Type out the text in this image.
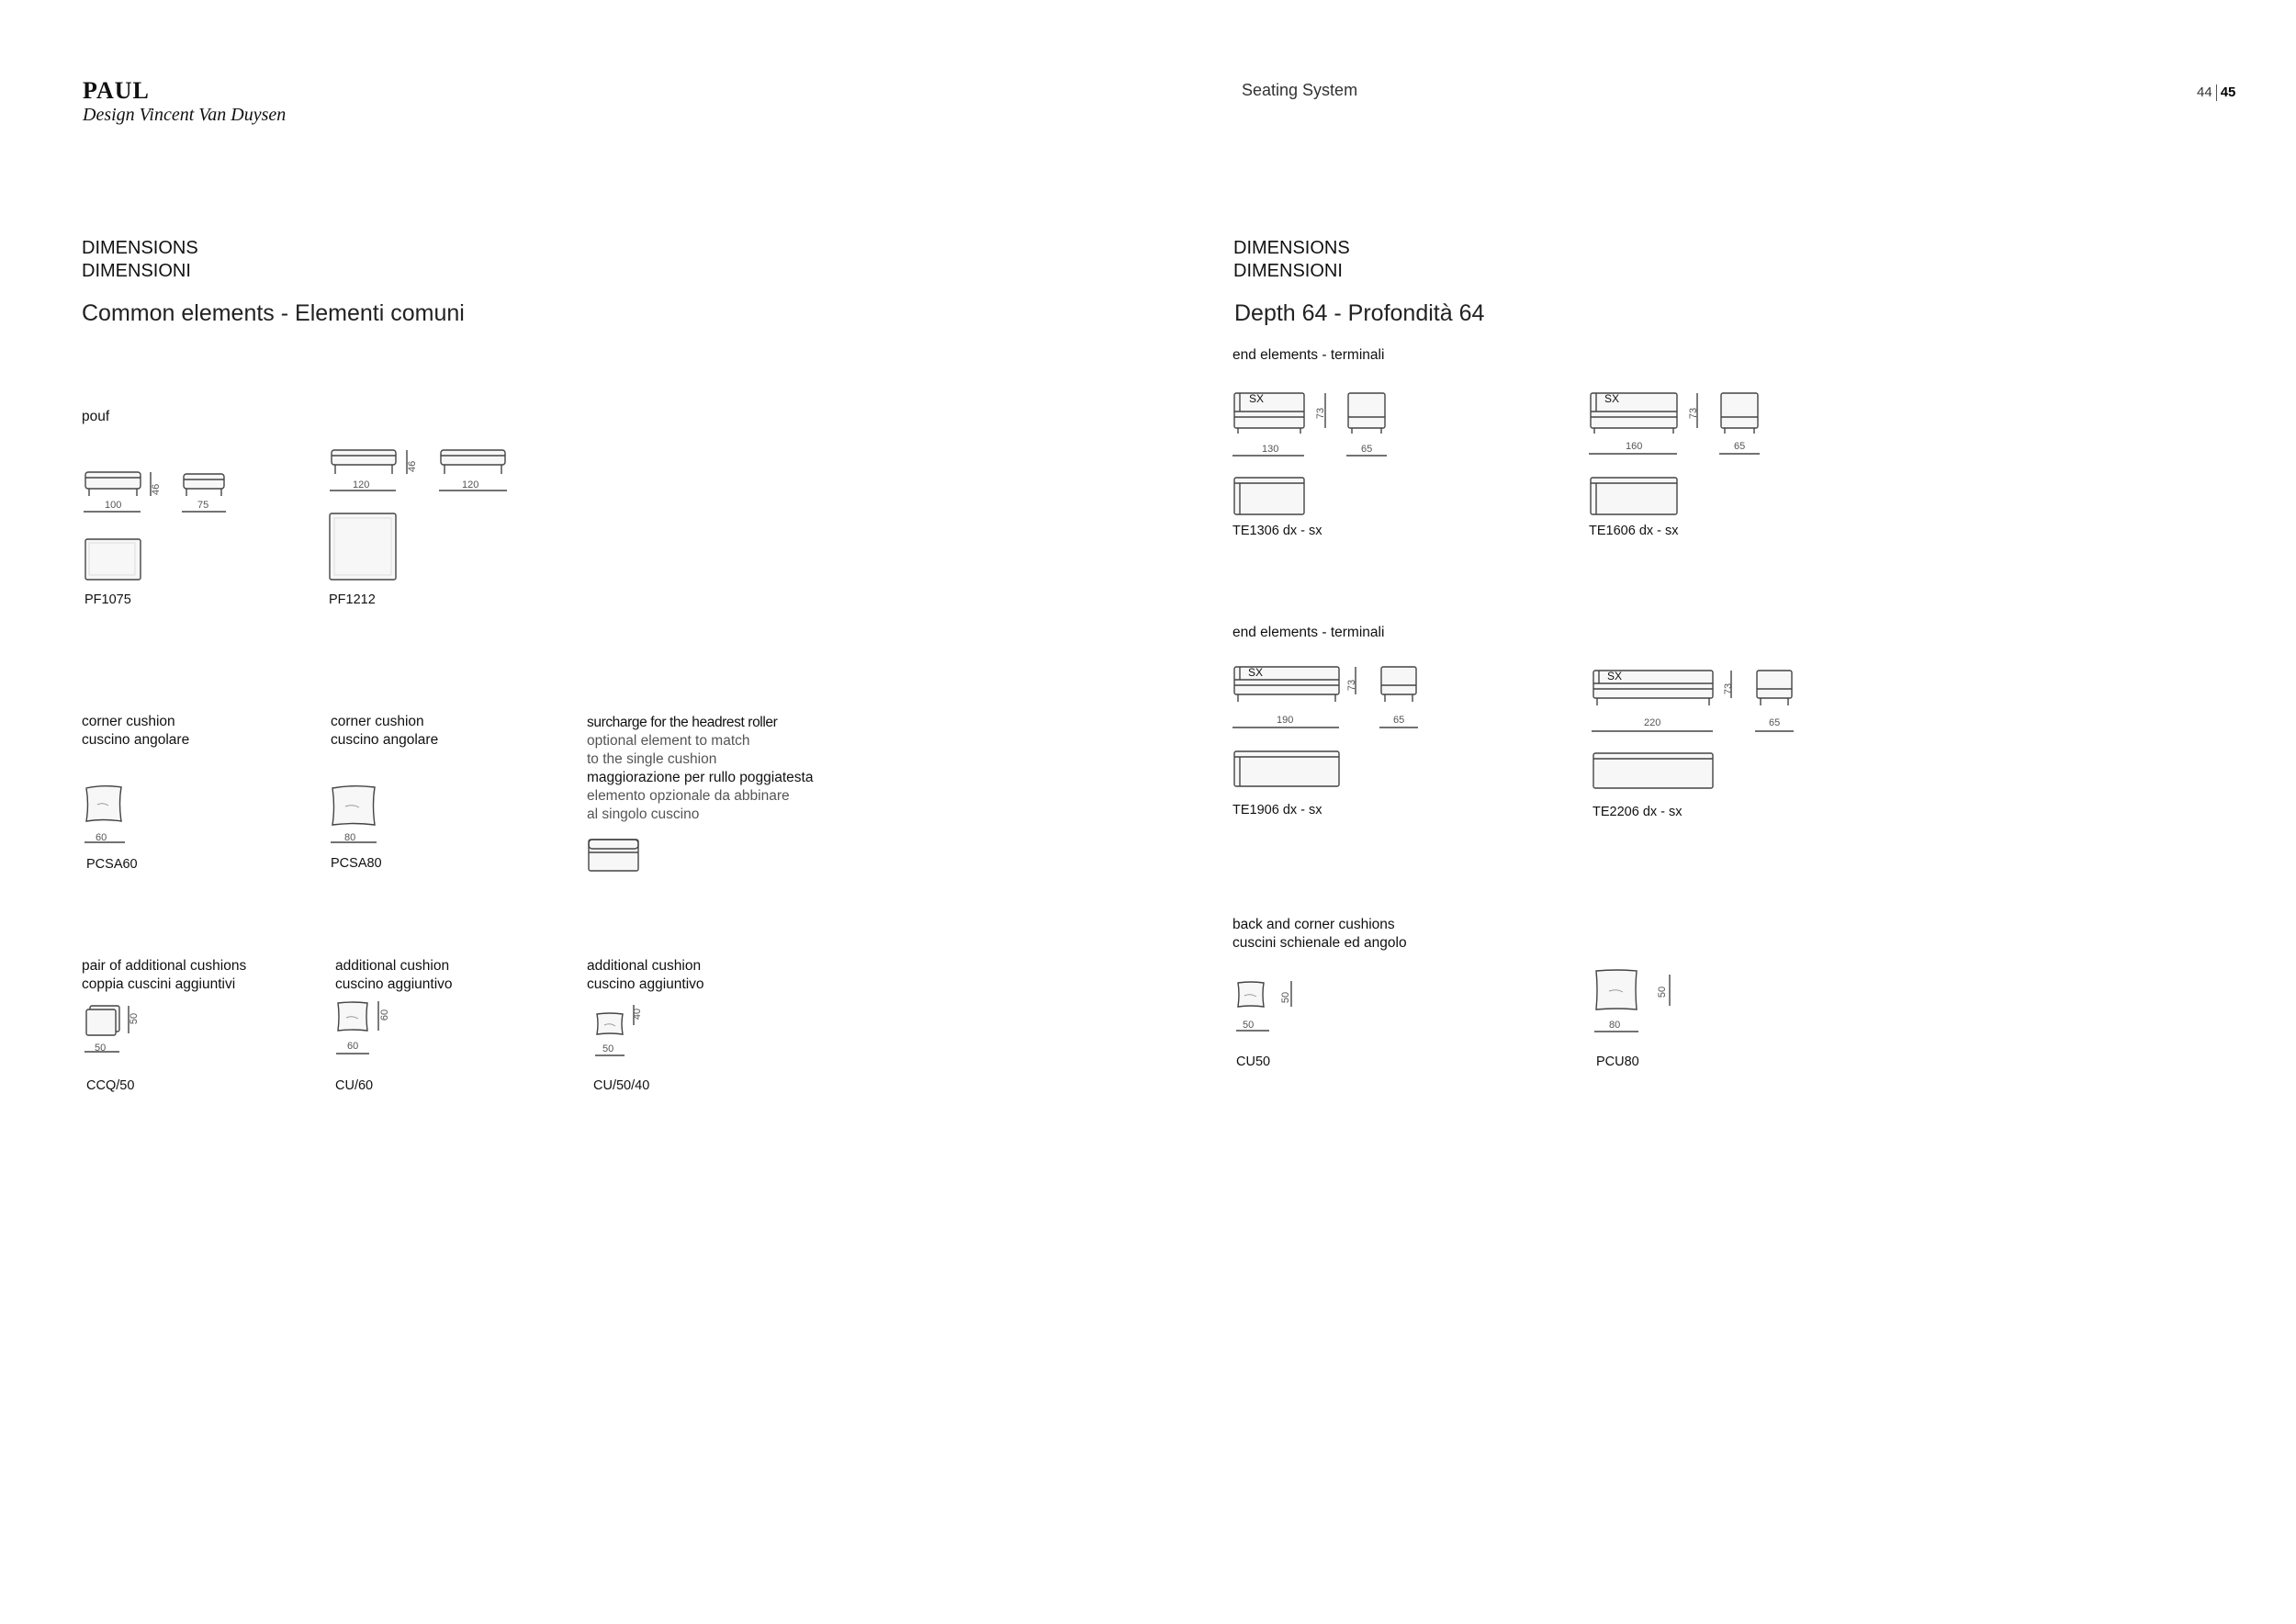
PAUL
Design Vincent Van Duysen
Seating System	44 45
DIMENSIONS
DIMENSIONI
Common elements - Elementi comuni
pouf
46
100	75
PF1075
46
120	120
PF1212
corner cushion
cuscino angolare
60
PCSA60
corner cushion
cuscino angolare
80
PCSA80
surcharge for the headrest roller
optional element to match
to the single cushion
maggiorazione per rullo poggiatesta
elemento opzionale da abbinare
al singolo cuscino
pair of additional cushions
coppia cuscini aggiuntivi
50
50
CCQ/50
additional cushion
cuscino aggiuntivo
60
60
CU/60
additional cushion
cuscino aggiuntivo
40
50
CU/50/40
DIMENSIONS
DIMENSIONI
Depth 64 - Profondità 64
end elements - terminali
SX
73
130	65
TE1306 dx - sx
SX
73
160	65
TE1606 dx - sx
end elements - terminali
SX
73
190	65
TE1906 dx - sx
SX
73
220	65
TE2206 dx - sx
back and corner cushions
cuscini schienale ed angolo
50
50
CU50
50
80
PCU80
